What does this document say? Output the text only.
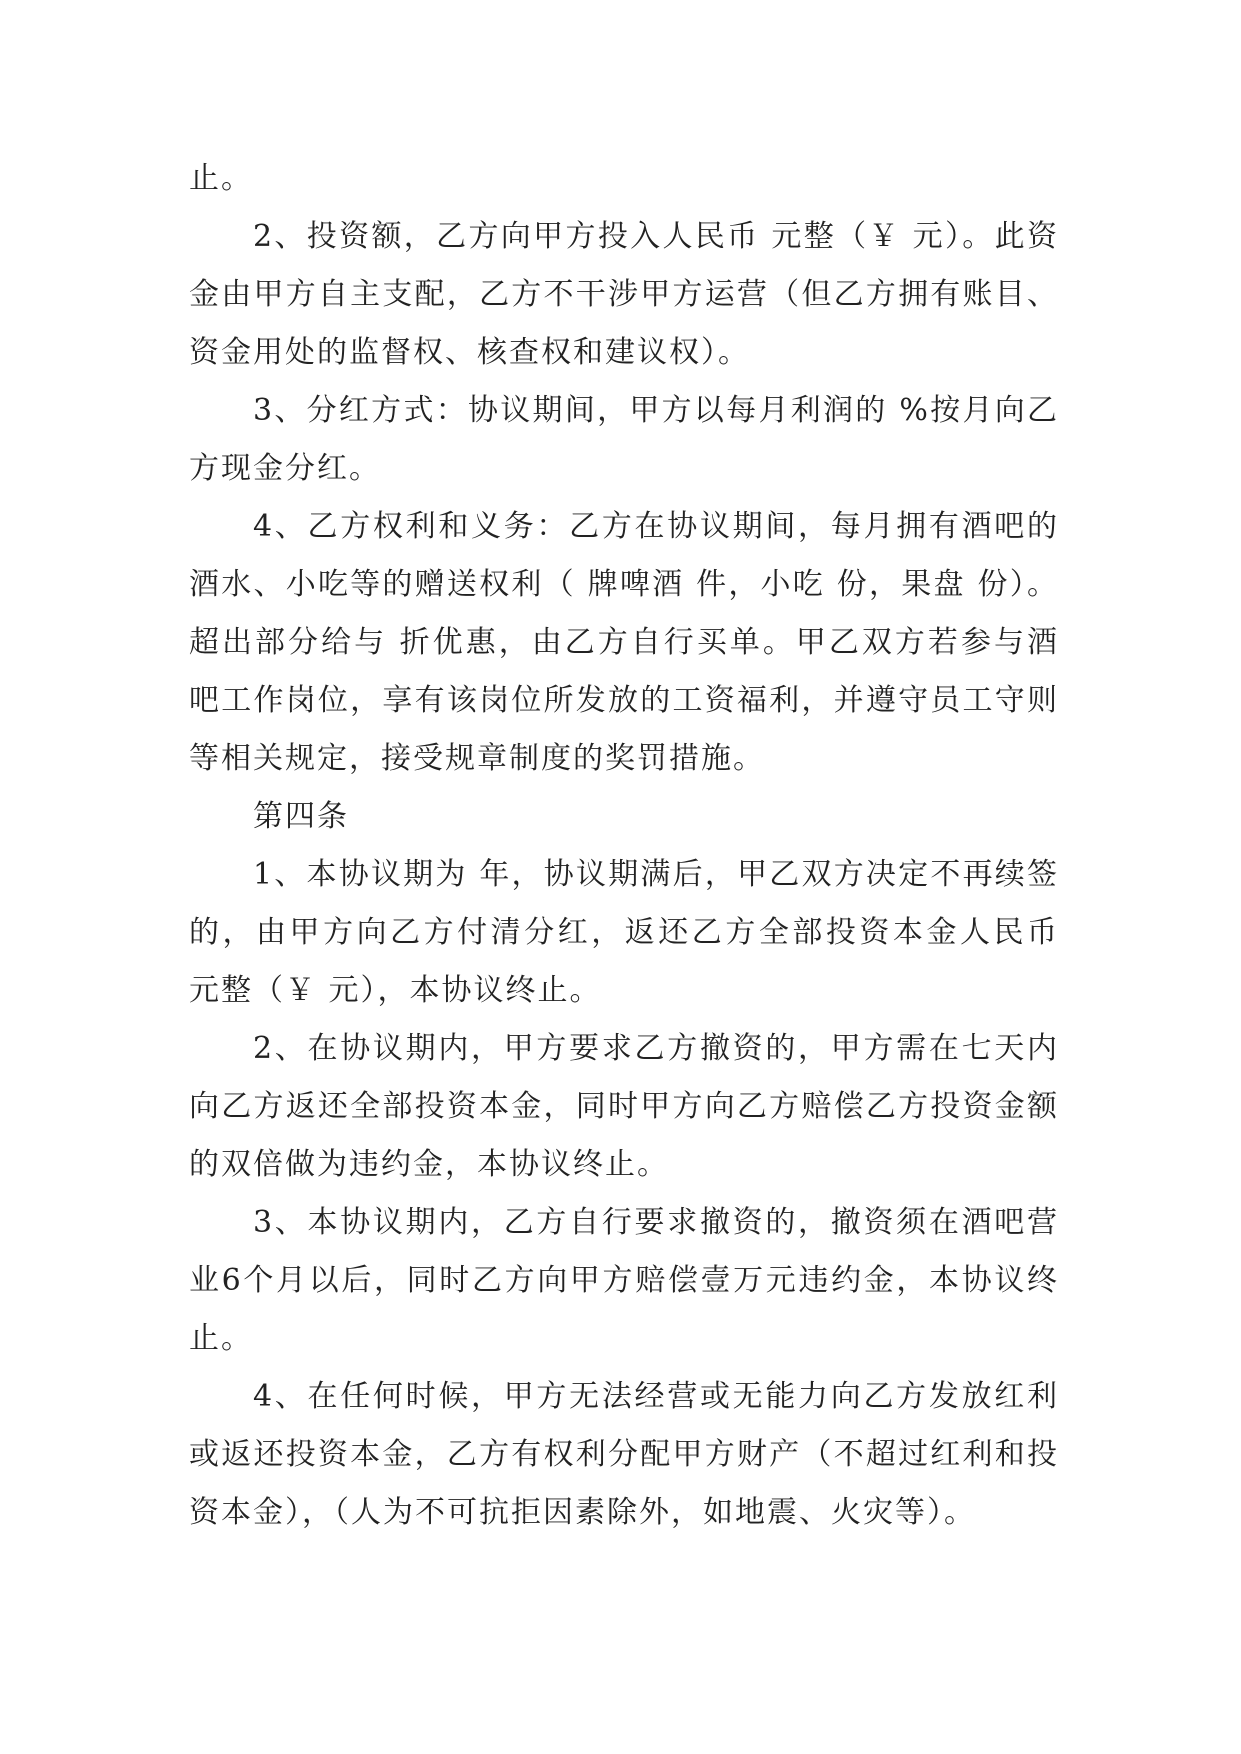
止。

2、投资额，乙方向甲方投入人民币 元整（￥ 元）。此资金由甲方自主支配，乙方不干涉甲方运营（但乙方拥有账目、资金用处的监督权、核查权和建议权）。

3、分红方式：协议期间，甲方以每月利润的 %按月向乙方现金分红。

4、乙方权利和义务：乙方在协议期间，每月拥有酒吧的酒水、小吃等的赠送权利（ 牌啤酒 件，小吃 份，果盘 份）。超出部分给与 折优惠，由乙方自行买单。甲乙双方若参与酒吧工作岗位，享有该岗位所发放的工资福利，并遵守员工守则等相关规定，接受规章制度的奖罚措施。

第四条

1、本协议期为 年，协议期满后，甲乙双方决定不再续签的，由甲方向乙方付清分红，返还乙方全部投资本金人民币 元整（￥ 元），本协议终止。

2、在协议期内，甲方要求乙方撤资的，甲方需在七天内向乙方返还全部投资本金，同时甲方向乙方赔偿乙方投资金额的双倍做为违约金，本协议终止。

3、本协议期内，乙方自行要求撤资的，撤资须在酒吧营业6个月以后，同时乙方向甲方赔偿壹万元违约金，本协议终止。

4、在任何时候，甲方无法经营或无能力向乙方发放红利或返还投资本金，乙方有权利分配甲方财产（不超过红利和投资本金），（人为不可抗拒因素除外，如地震、火灾等）。
